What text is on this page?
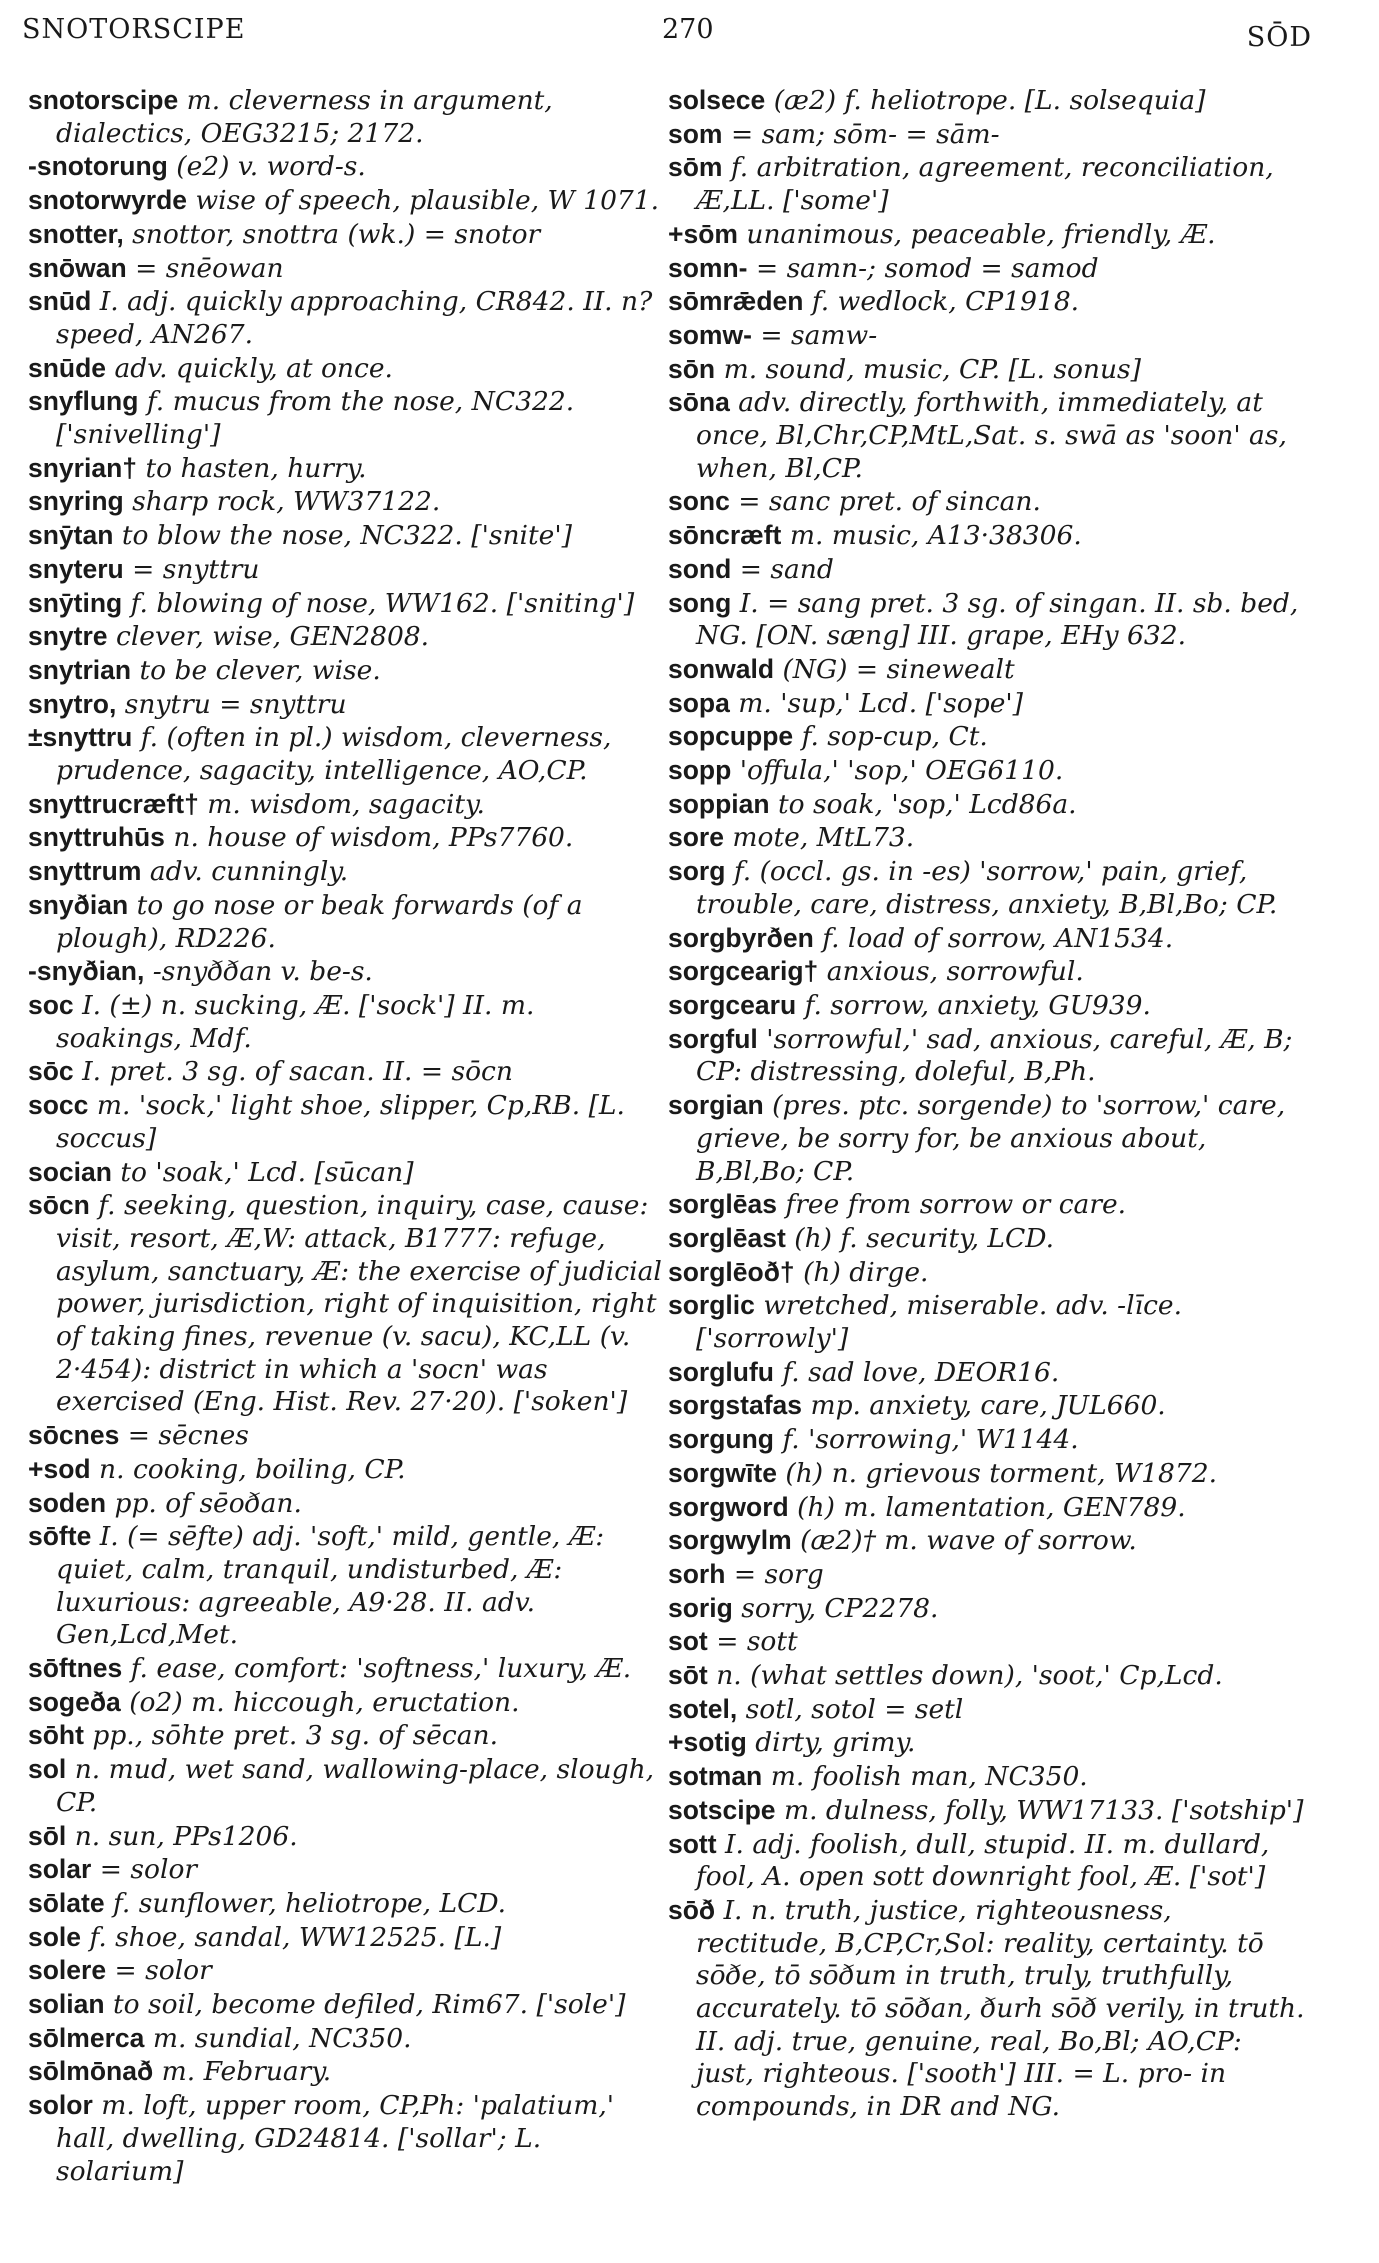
SNOTORSCIPE	270	SŌD

snotorscipe m. cleverness in argument, dialectics, OEG3215; 2172.

-snotorung (e2) v. word-s.

snotorwyrde wise of speech, plausible, W 1071.

snotter, snottor, snottra (wk.) = snotor

snōwan = snēowan

snūd I. adj. quickly approaching, CR842. II. n? speed, AN267.

snūde adv. quickly, at once.

snyflung f. mucus from the nose, NC322. ['snivelling']

snyrian† to hasten, hurry.

snyring sharp rock, WW37122.

snȳtan to blow the nose, NC322. ['snite']

snyteru = snyttru

snȳting f. blowing of nose, WW162. ['sniting']

snytre clever, wise, GEN2808.

snytrian to be clever, wise.

snytro, snytru = snyttru

±snyttru f. (often in pl.) wisdom, cleverness, prudence, sagacity, intelligence, AO,CP.

snyttrucræft† m. wisdom, sagacity.

snyttruhūs n. house of wisdom, PPs7760.

snyttrum adv. cunningly.

snyðian to go nose or beak forwards (of a plough), RD226.

-snyðian, -snyððan v. be-s.

soc I. (±) n. sucking, Æ. ['sock'] II. m. soakings, Mdf.

sōc I. pret. 3 sg. of sacan. II. = sōcn

socc m. 'sock,' light shoe, slipper, Cp,RB. [L. soccus]

socian to 'soak,' Lcd. [sūcan]

sōcn f. seeking, question, inquiry, case, cause: visit, resort, Æ,W: attack, B1777: refuge, asylum, sanctuary, Æ: the exercise of judicial power, jurisdiction, right of inquisition, right of taking fines, revenue (v. sacu), KC,LL (v. 2·454): district in which a 'socn' was exercised (Eng. Hist. Rev. 27·20). ['soken']

sōcnes = sēcnes

+sod n. cooking, boiling, CP.

soden pp. of sēoðan.

sōfte I. (= sēfte) adj. 'soft,' mild, gentle, Æ: quiet, calm, tranquil, undisturbed, Æ: luxurious: agreeable, A9·28. II. adv. Gen,Lcd,Met.

sōftnes f. ease, comfort: 'softness,' luxury, Æ.

sogeða (o2) m. hiccough, eructation.

sōht pp., sōhte pret. 3 sg. of sēcan.

sol n. mud, wet sand, wallowing-place, slough, CP.

sōl n. sun, PPs1206.

solar = solor

sōlate f. sunflower, heliotrope, LCD.

sole f. shoe, sandal, WW12525. [L.]

solere = solor

solian to soil, become defiled, Rim67. ['sole']

sōlmerca m. sundial, NC350.

sōlmōnað m. February.

solor m. loft, upper room, CP,Ph: 'palatium,' hall, dwelling, GD24814. ['sollar'; L. solarium]

solsece (æ2) f. heliotrope. [L. solsequia]

som = sam; sōm- = sām-

sōm f. arbitration, agreement, reconciliation, Æ,LL. ['some']

+sōm unanimous, peaceable, friendly, Æ.

somn- = samn-; somod = samod

sōmrǣden f. wedlock, CP1918.

somw- = samw-

sōn m. sound, music, CP. [L. sonus]

sōna adv. directly, forthwith, immediately, at once, Bl,Chr,CP,MtL,Sat. s. swā as 'soon' as, when, Bl,CP.

sonc = sanc pret. of sincan.

sōncræft m. music, A13·38306.

sond = sand

song I. = sang pret. 3 sg. of singan. II. sb. bed, NG. [ON. sæng] III. grape, EHy 632.

sonwald (NG) = sinewealt

sopa m. 'sup,' Lcd. ['sope']

sopcuppe f. sop-cup, Ct.

sopp 'offula,' 'sop,' OEG6110.

soppian to soak, 'sop,' Lcd86a.

sore mote, MtL73.

sorg f. (occl. gs. in -es) 'sorrow,' pain, grief, trouble, care, distress, anxiety, B,Bl,Bo; CP.

sorgbyrðen f. load of sorrow, AN1534.

sorgcearig† anxious, sorrowful.

sorgcearu f. sorrow, anxiety, GU939.

sorgful 'sorrowful,' sad, anxious, careful, Æ, B; CP: distressing, doleful, B,Ph.

sorgian (pres. ptc. sorgende) to 'sorrow,' care, grieve, be sorry for, be anxious about, B,Bl,Bo; CP.

sorglēas free from sorrow or care.

sorglēast (h) f. security, LCD.

sorglēoð† (h) dirge.

sorglic wretched, miserable. adv. -līce. ['sorrowly']

sorglufu f. sad love, DEOR16.

sorgstafas mp. anxiety, care, JUL660.

sorgung f. 'sorrowing,' W1144.

sorgwīte (h) n. grievous torment, W1872.

sorgword (h) m. lamentation, GEN789.

sorgwylm (æ2)† m. wave of sorrow.

sorh = sorg

sorig sorry, CP2278.

sot = sott

sōt n. (what settles down), 'soot,' Cp,Lcd.

sotel, sotl, sotol = setl

+sotig dirty, grimy.

sotman m. foolish man, NC350.

sotscipe m. dulness, folly, WW17133. ['sotship']

sott I. adj. foolish, dull, stupid. II. m. dullard, fool, A. open sott downright fool, Æ. ['sot']

sōð I. n. truth, justice, righteousness, rectitude, B,CP,Cr,Sol: reality, certainty. tō sōðe, tō sōðum in truth, truly, truthfully, accurately. tō sōðan, ðurh sōð verily, in truth. II. adj. true, genuine, real, Bo,Bl; AO,CP: just, righteous. ['sooth'] III. = L. pro- in compounds, in DR and NG.
